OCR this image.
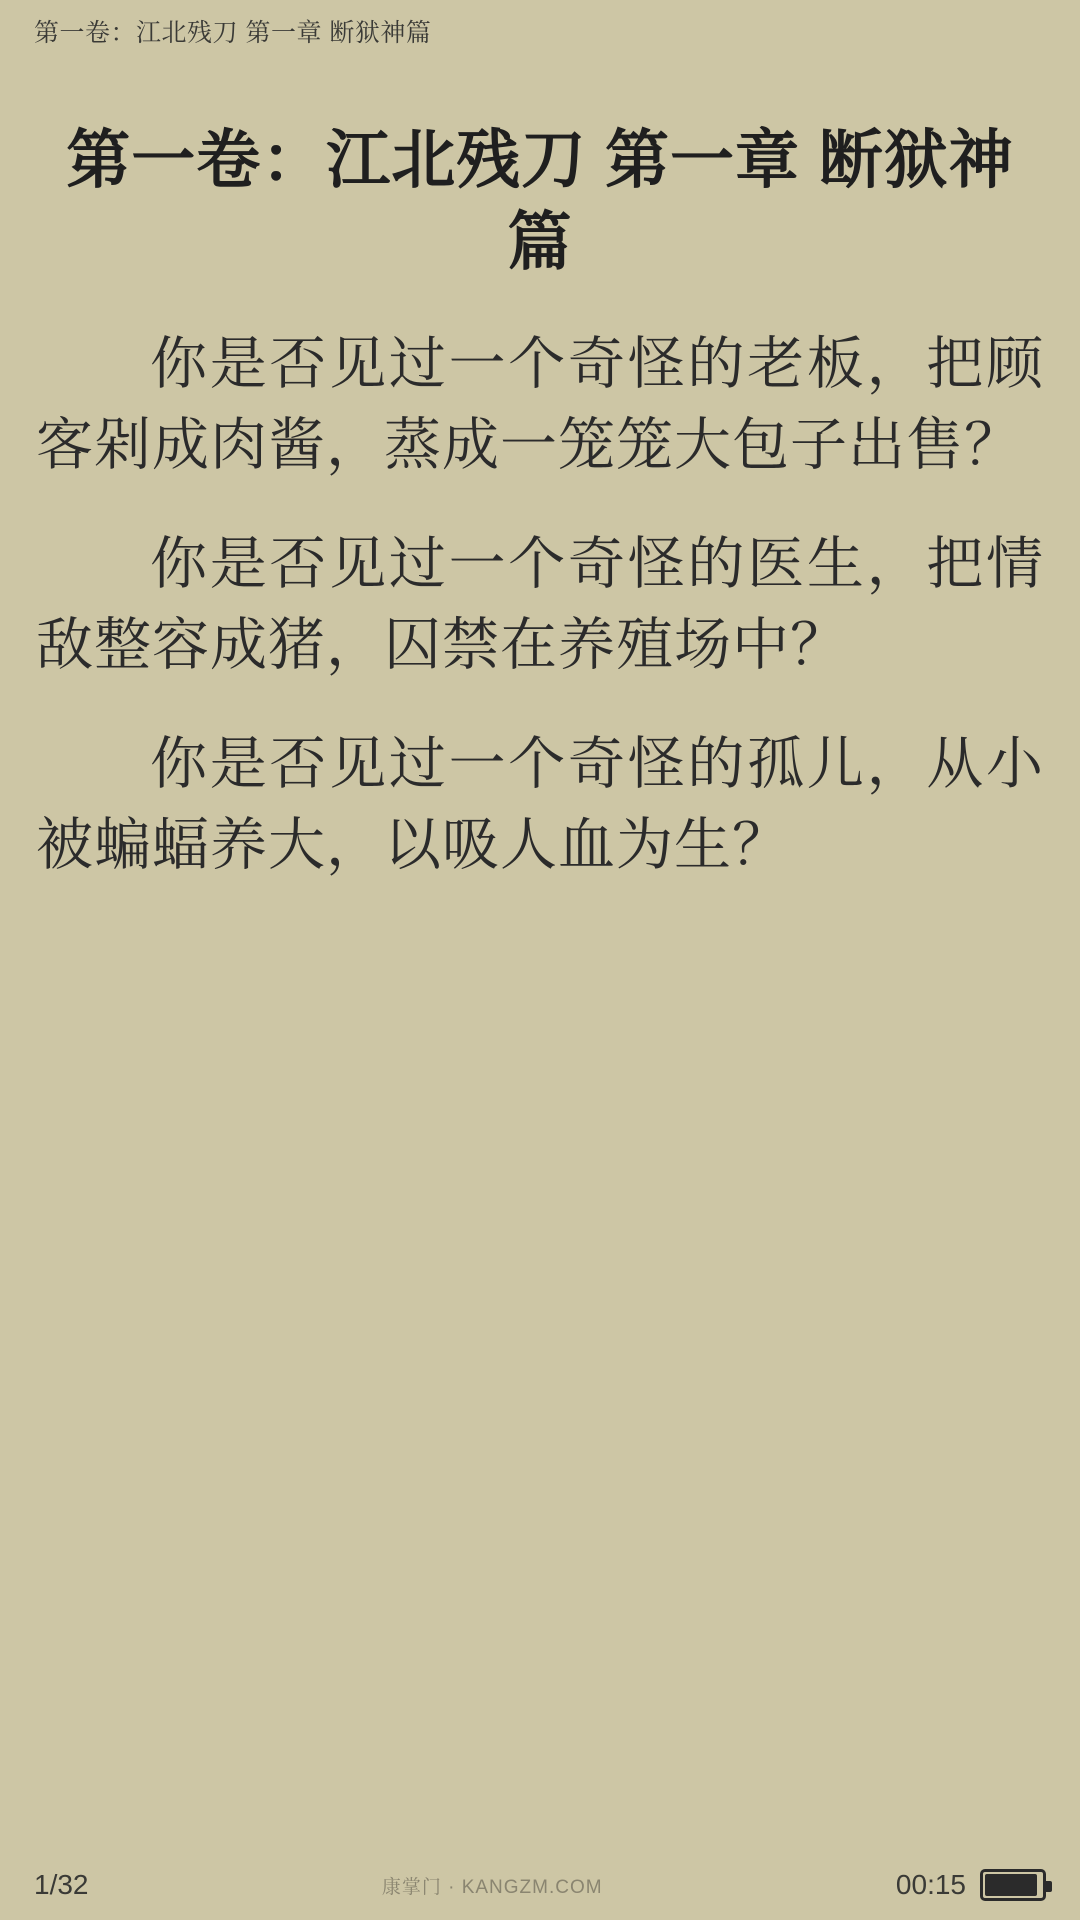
第一卷：江北残刀 第一章 断狱神篇
第一卷：江北残刀 第一章 断狱神篇

你是否见过一个奇怪的老板，把顾客剁成肉酱，蒸成一笼笼大包子出售？

你是否见过一个奇怪的医生，把情敌整容成猪，囚禁在养殖场中？

你是否见过一个奇怪的孤儿，从小被蝙蝠养大，以吸人血为生？

1/32	康掌门 · KANGZM.COM	00:15
